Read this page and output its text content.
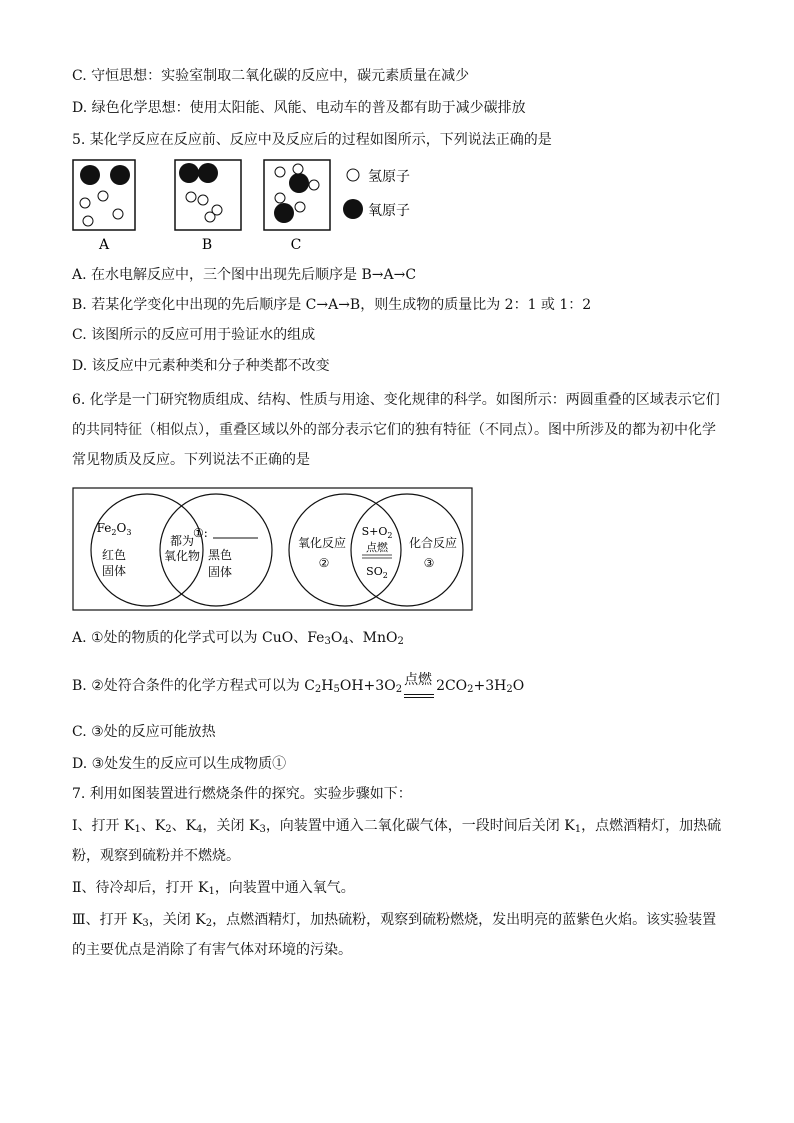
C. 守恒思想：实验室制取二氧化碳的反应中，碳元素质量在减少
D. 绿色化学思想：使用太阳能、风能、电动车的普及都有助于减少碳排放
5. 某化学反应在反应前、反应中及反应后的过程如图所示，下列说法正确的是
A	B	C
氢原子
氧原子
A. 在水电解反应中，三个图中出现先后顺序是 B→A→C
B. 若某化学变化中出现的先后顺序是 C→A→B，则生成物的质量比为 2：1 或 1：2
C. 该图所示的反应可用于验证水的组成
D. 该反应中元素种类和分子种类都不改变
6. 化学是一门研究物质组成、结构、性质与用途、变化规律的科学。如图所示：两圆重叠的区域表示它们
的共同特征（相似点），重叠区域以外的部分表示它们的独有特征（不同点）。图中所涉及的都为初中化学
常见物质及反应。下列说法不正确的是
$Fe_2O_3$
红色
固体
都为
氧化物
①:
黑色
固体
氧化反应
②
$S+O_2$
点燃
$SO_2$
化合反应
③
A. ①处的物质的化学式可以为 CuO、$Fe_3O_4$、MnO$_2$
B. ②处符合条件的化学方程式可以为 $C_2H_5OH+3O_2$
点燃 $2CO_2+3H_2O$
C. ③处的反应可能放热
D. ③处发生的反应可以生成物质①
7. 利用如图装置进行燃烧条件的探究。实验步骤如下：
Ⅰ、打开 $K_1$、$K_2$、$K_4$，关闭 $K_3$，向装置中通入二氧化碳气体，一段时间后关闭 $K_1$，点燃酒精灯，加热硫
粉，观察到硫粉并不燃烧。
Ⅱ、待冷却后，打开 $K_1$，向装置中通入氧气。
Ⅲ、打开 $K_3$，关闭 $K_2$，点燃酒精灯，加热硫粉，观察到硫粉燃烧，发出明亮的蓝紫色火焰。该实验装置
的主要优点是消除了有害气体对环境的污染。
